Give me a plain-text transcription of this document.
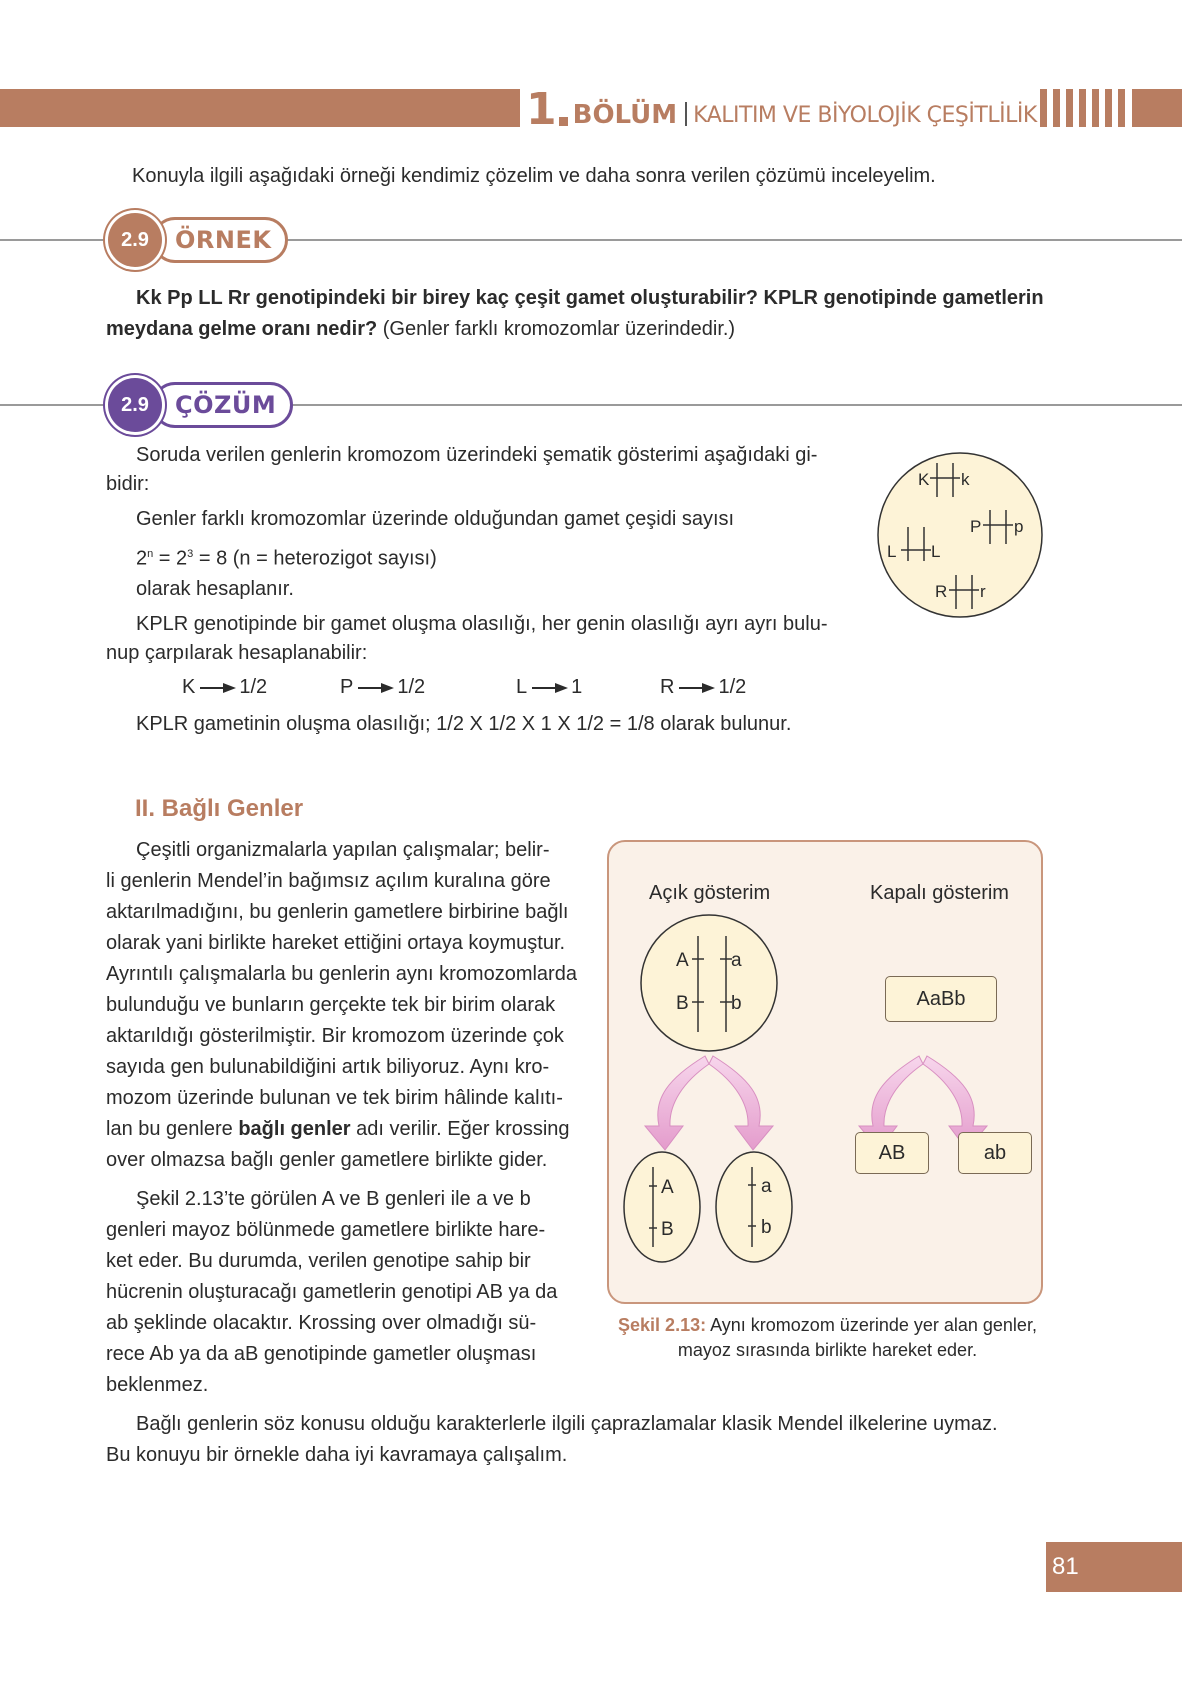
1 BÖLÜM KALITIM VE BİYOLOJİK ÇEŞİTLİLİK
Konuyla ilgili aşağıdaki örneği kendimiz çözelim ve daha sonra verilen çözümü inceleyelim.
2.9	ÖRNEK
Kk Pp LL Rr genotipindeki bir birey kaç çeşit gamet oluşturabilir? KPLR genotipinde gametlerin meydana gelme oranı nedir? (Genler farklı kromozomlar üzerindedir.)
2.9	ÇÖZÜM
Soruda verilen genlerin kromozom üzerindeki şematik gösterimi aşağıdaki gi-
bidir:
Genler farklı kromozomlar üzerinde olduğundan gamet çeşidi sayısı
$2^n = 2^3 = 8$ (n = heterozigot sayısı)
olarak hesaplanır.
KPLR genotipinde bir gamet oluşma olasılığı, her genin olasılığı ayrı ayrı bulu-
nup çarpılarak hesaplanabilir:
K 1/2	P 1/2	L 1	R 1/2
KPLR gametinin oluşma olasılığı; 1/2 X 1/2 X 1 X 1/2 = 1/8 olarak bulunur.
K k
P p
L L
R r
II. Bağlı Genler
Çeşitli organizmalarla yapılan çalışmalar; belir-
li genlerin Mendel’in bağımsız açılım kuralına göre
aktarılmadığını, bu genlerin gametlere birbirine bağlı
olarak yani birlikte hareket ettiğini ortaya koymuştur.
Ayrıntılı çalışmalarla bu genlerin aynı kromozomlarda
bulunduğu ve bunların gerçekte tek bir birim olarak
aktarıldığı gösterilmiştir. Bir kromozom üzerinde çok
sayıda gen bulunabildiğini artık biliyoruz. Aynı kro-
mozom üzerinde bulunan ve tek birim hâlinde kalıtı-
lan bu genlere bağlı genler adı verilir. Eğer krossing
over olmazsa bağlı genler gametlere birlikte gider.
Şekil 2.13’te görülen A ve B genleri ile a ve b
genleri mayoz bölünmede gametlere birlikte hare-
ket eder. Bu durumda, verilen genotipe sahip bir
hücrenin oluşturacağı gametlerin genotipi AB ya da
ab şeklinde olacaktır. Krossing over olmadığı sü-
rece Ab ya da aB genotipinde gametler oluşması
beklenmez.
Bağlı genlerin söz konusu olduğu karakterlerle ilgili çaprazlamalar klasik Mendel ilkelerine uymaz.
Bu konuyu bir örnekle daha iyi kavramaya çalışalım.
Açık gösterim	Kapalı gösterim
A a
B b
A
B
a
b
AaBb
AB	ab
Şekil 2.13: Aynı kromozom üzerinde yer alan genler,
mayoz sırasında birlikte hareket eder.
81
